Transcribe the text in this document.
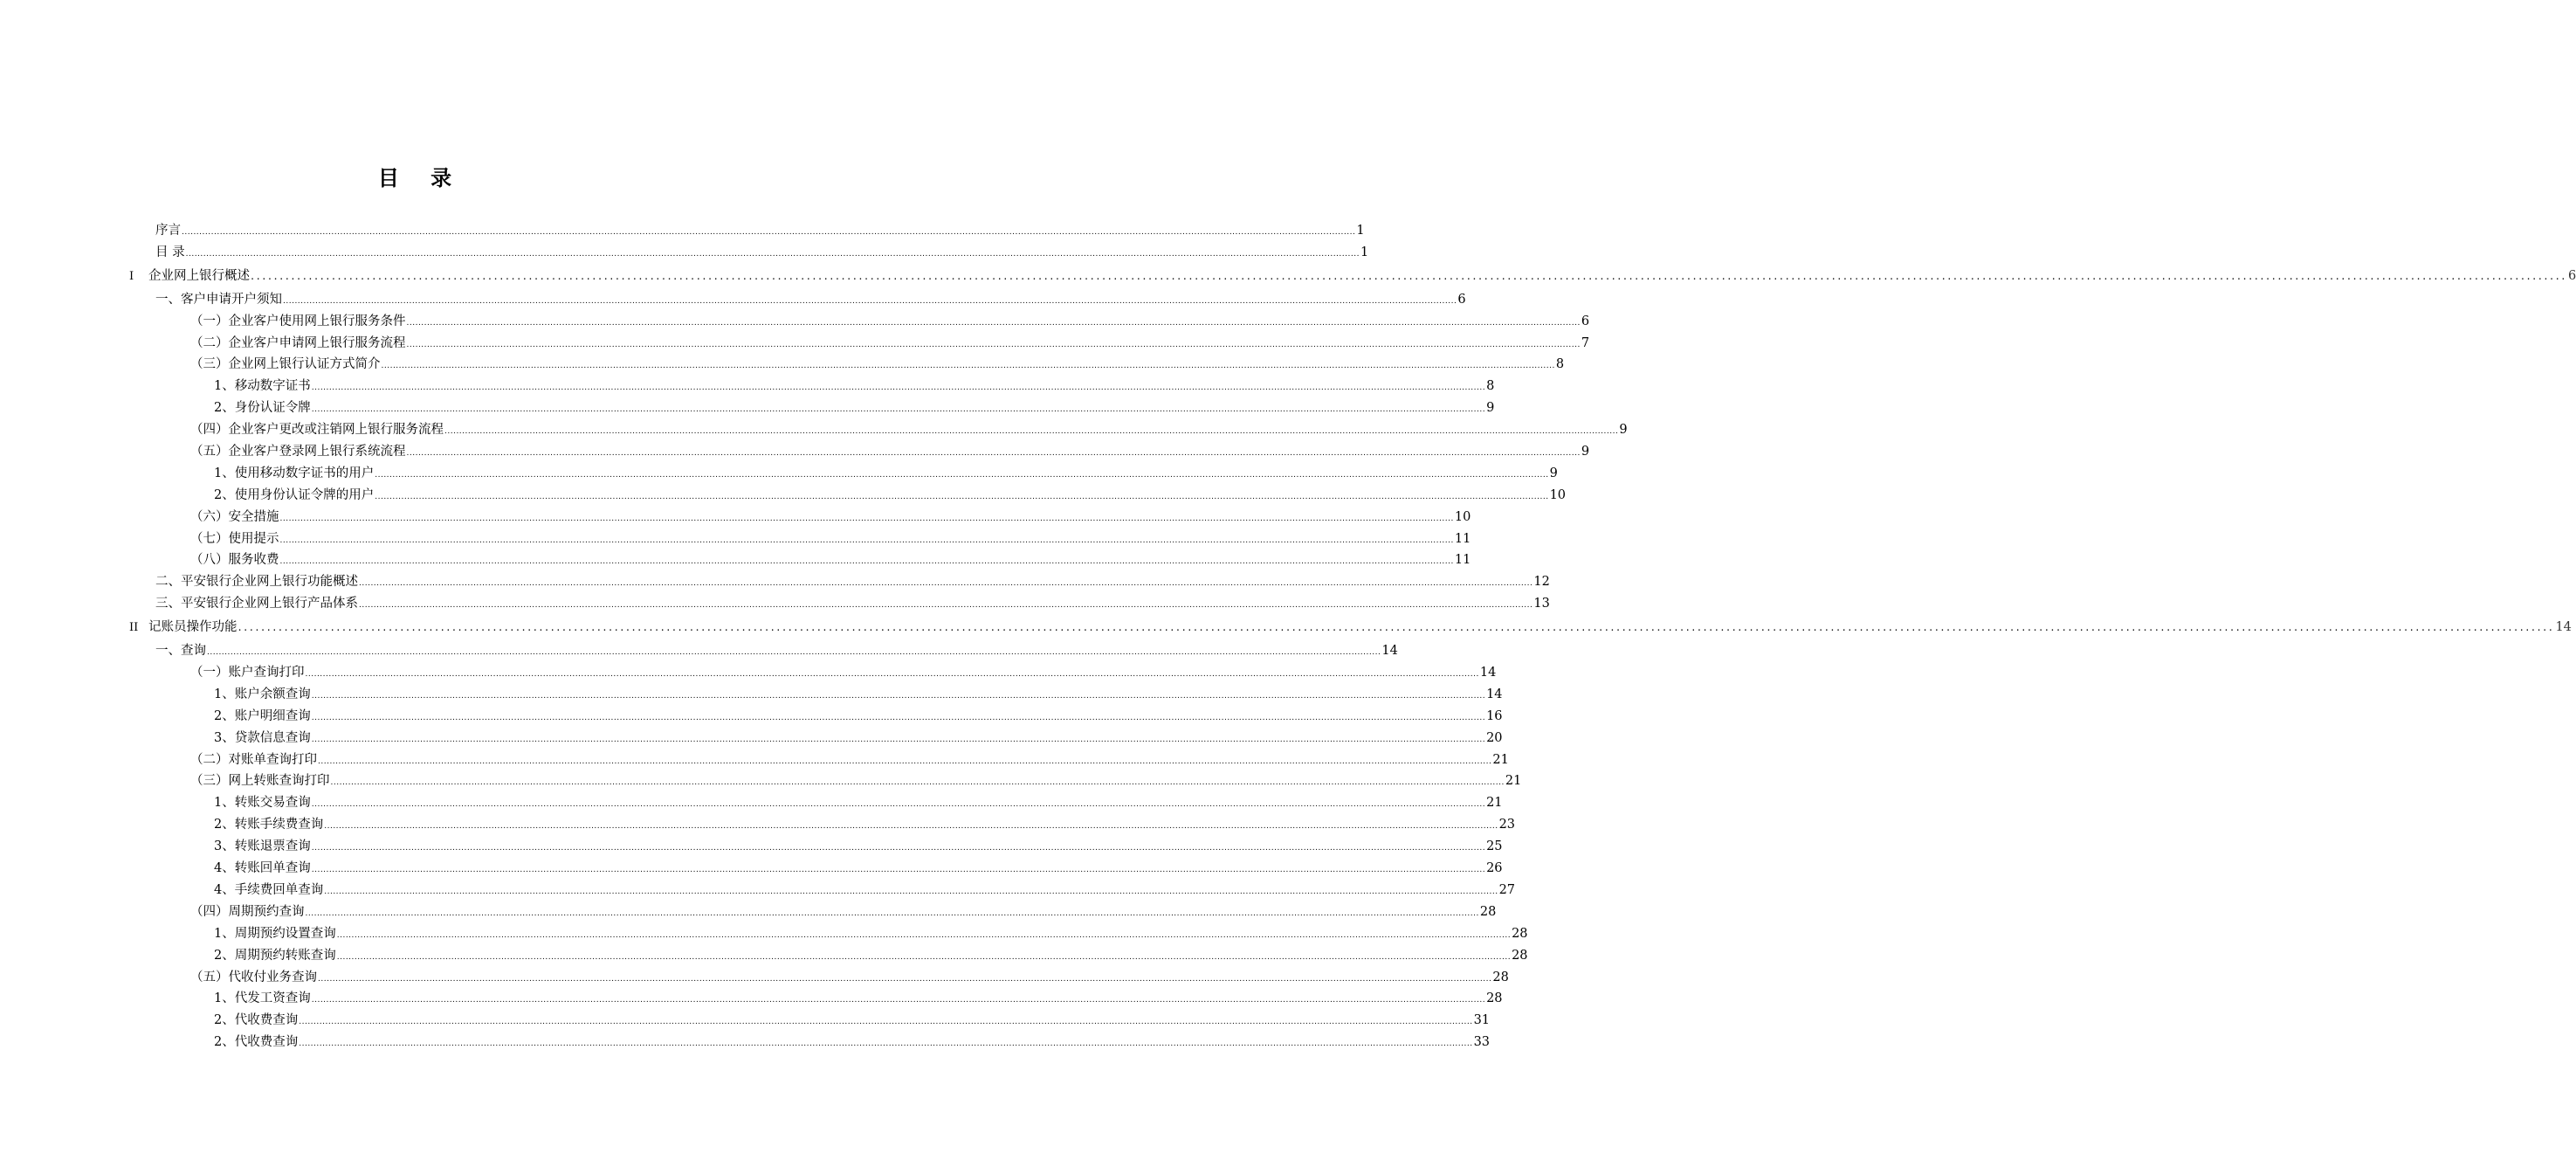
目 录
序言 ................................................................................................................................................................................................................................................................................................................................................................................................................ 1
目 录 ................................................................................................................................................................................................................................................................................................................................................................................................................ 1
I 企业网上银行概述 ................................................................................................................................................................................................................................................................................................................................................................................................................ 6
一、客户申请开户须知 ................................................................................................................................................................................................................................................................................................................................................................................................................ 6
（一）企业客户使用网上银行服务条件 ................................................................................................................................................................................................................................................................................................................................................................................................................ 6
（二）企业客户申请网上银行服务流程 ................................................................................................................................................................................................................................................................................................................................................................................................................ 7
（三）企业网上银行认证方式简介 ................................................................................................................................................................................................................................................................................................................................................................................................................ 8
1、移动数字证书 ................................................................................................................................................................................................................................................................................................................................................................................................................ 8
2、身份认证令牌 ................................................................................................................................................................................................................................................................................................................................................................................................................ 9
（四）企业客户更改或注销网上银行服务流程 ................................................................................................................................................................................................................................................................................................................................................................................................................ 9
（五）企业客户登录网上银行系统流程 ................................................................................................................................................................................................................................................................................................................................................................................................................ 9
1、使用移动数字证书的用户 ................................................................................................................................................................................................................................................................................................................................................................................................................ 9
2、使用身份认证令牌的用户 ................................................................................................................................................................................................................................................................................................................................................................................................................ 10
（六）安全措施 ................................................................................................................................................................................................................................................................................................................................................................................................................ 10
（七）使用提示 ................................................................................................................................................................................................................................................................................................................................................................................................................ 11
（八）服务收费 ................................................................................................................................................................................................................................................................................................................................................................................................................ 11
二、平安银行企业网上银行功能概述 ................................................................................................................................................................................................................................................................................................................................................................................................................ 12
三、平安银行企业网上银行产品体系 ................................................................................................................................................................................................................................................................................................................................................................................................................ 13
II 记账员操作功能 ................................................................................................................................................................................................................................................................................................................................................................................................................ 14
一、查询 ................................................................................................................................................................................................................................................................................................................................................................................................................ 14
（一）账户查询打印 ................................................................................................................................................................................................................................................................................................................................................................................................................ 14
1、账户余额查询 ................................................................................................................................................................................................................................................................................................................................................................................................................ 14
2、账户明细查询 ................................................................................................................................................................................................................................................................................................................................................................................................................ 16
3、贷款信息查询 ................................................................................................................................................................................................................................................................................................................................................................................................................ 20
（二）对账单查询打印 ................................................................................................................................................................................................................................................................................................................................................................................................................ 21
（三）网上转账查询打印 ................................................................................................................................................................................................................................................................................................................................................................................................................ 21
1、转账交易查询 ................................................................................................................................................................................................................................................................................................................................................................................................................ 21
2、转账手续费查询 ................................................................................................................................................................................................................................................................................................................................................................................................................ 23
3、转账退票查询 ................................................................................................................................................................................................................................................................................................................................................................................................................ 25
4、转账回单查询 ................................................................................................................................................................................................................................................................................................................................................................................................................ 26
4、手续费回单查询 ................................................................................................................................................................................................................................................................................................................................................................................................................ 27
（四）周期预约查询 ................................................................................................................................................................................................................................................................................................................................................................................................................ 28
1、周期预约设置查询 ................................................................................................................................................................................................................................................................................................................................................................................................................ 28
2、周期预约转账查询 ................................................................................................................................................................................................................................................................................................................................................................................................................ 28
（五）代收付业务查询 ................................................................................................................................................................................................................................................................................................................................................................................................................ 28
1、代发工资查询 ................................................................................................................................................................................................................................................................................................................................................................................................................ 28
2、代收费查询 ................................................................................................................................................................................................................................................................................................................................................................................................................ 31
2、代收费查询 ................................................................................................................................................................................................................................................................................................................................................................................................................ 33
